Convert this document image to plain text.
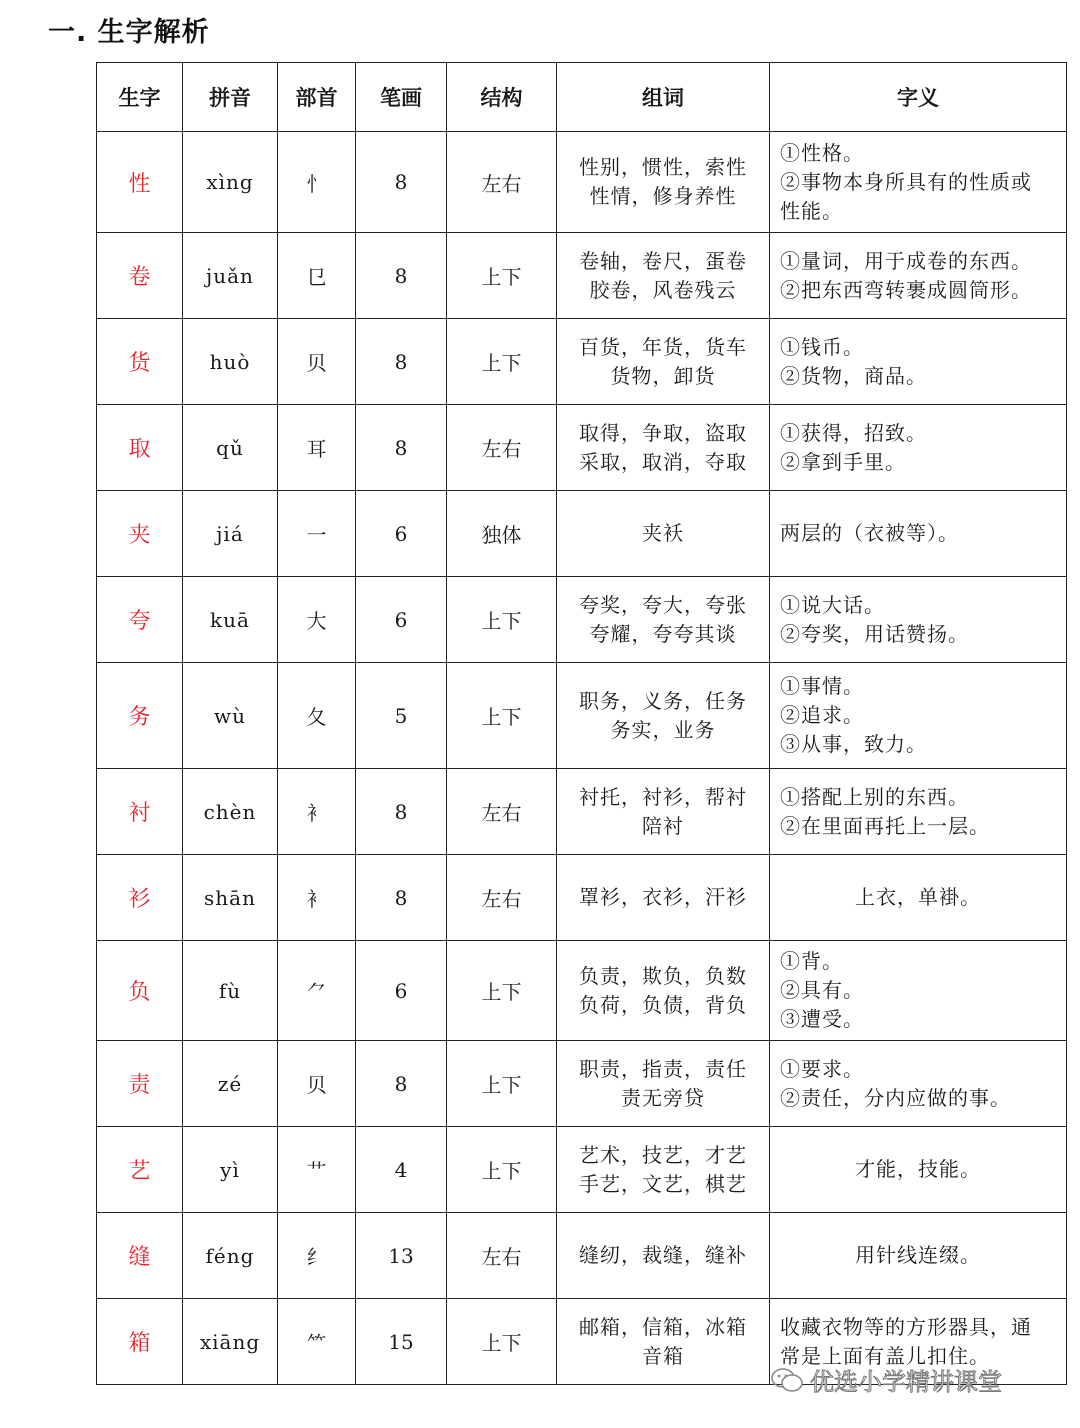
一. 生字解析
生字	拼音	部首	笔画	结构	组词	字义
性	xìng	忄	8	左右	性别，惯性，索性
性情，修身养性	①性格。
②事物本身所具有的性质或
性能。

卷	juǎn	㔾	8	上下	卷轴，卷尺，蛋卷
胶卷，风卷残云	①量词，用于成卷的东西。
②把东西弯转裹成圆筒形。

货	huò	贝	8	上下	百货，年货，货车
货物，卸货	①钱币。
②货物，商品。

取	qǔ	耳	8	左右	取得，争取，盗取
采取，取消，夺取	①获得，招致。
②拿到手里。

夹	jiá	一	6	独体	夹袄	两层的（衣被等）。

夸	kuā	大	6	上下	夸奖，夸大，夸张
夸耀，夸夸其谈	①说大话。
②夸奖，用话赞扬。

务	wù	夂	5	上下	职务，义务，任务
务实，业务	①事情。
②追求。
③从事，致力。

衬	chèn	衤	8	左右	衬托，衬衫，帮衬
陪衬	①搭配上别的东西。
②在里面再托上一层。

衫	shān	衤	8	左右	罩衫，衣衫，汗衫	上衣，单褂。

负	fù	⺈	6	上下	负责，欺负，负数
负荷，负债，背负	①背。
②具有。
③遭受。

责	zé	贝	8	上下	职责，指责，责任
责无旁贷	①要求。
②责任，分内应做的事。

艺	yì	艹	4	上下	艺术，技艺，才艺
手艺，文艺，棋艺	才能，技能。

缝	féng	纟	13	左右	缝纫，裁缝，缝补	用针线连缀。

箱	xiāng	⺮	15	上下	邮箱，信箱，冰箱
音箱	收藏衣物等的方形器具，通
常是上面有盖儿扣住。
优选小学精讲课堂
